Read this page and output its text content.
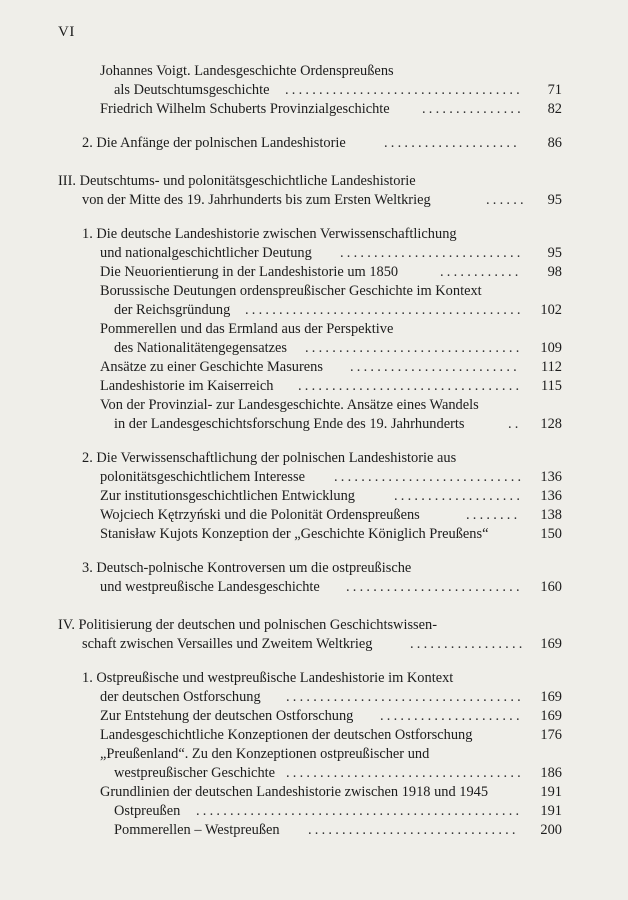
VI
Johannes Voigt. Landesgeschichte Ordenspreußens
als Deutschtumsgeschichte ...................................	71
Friedrich Wilhelm Schuberts Provinzialgeschichte ............... 82
2. Die Anfänge der polnischen Landeshistorie	....................	86
III. Deutschtums- und polonitätsgeschichtliche Landeshistorie
von der Mitte des 19. Jahrhunderts bis zum Ersten Weltkrieg	...... 95
1. Die deutsche Landeshistorie zwischen Verwissenschaftlichung
und nationalgeschichtlicher Deutung ...........................	95
Die Neuorientierung in der Landeshistorie um 1850	............	98
Borussische Deutungen ordenspreußischer Geschichte im Kontext
der Reichsgründung ......................................... 102
Pommerellen und das Ermland aus der Perspektive
des Nationalitätengegensatzes ................................	109
Ansätze zu einer Geschichte Masurens .........................	112
Landeshistorie im Kaiserreich .................................	115
Von der Provinzial- zur Landesgeschichte. Ansätze eines Wandels
in der Landesgeschichtsforschung Ende des 19. Jahrhunderts	..	128
2. Die Verwissenschaftlichung der polnischen Landeshistorie aus
polonitätsgeschichtlichem Interesse ............................ 136
Zur institutionsgeschichtlichen Entwicklung	...................	136
Wojciech Kętrzyński und die Polonität Ordenspreußens	........	138
Stanisław Kujots Konzeption der „Geschichte Königlich Preußens“	150
3. Deutsch-polnische Kontroversen um die ostpreußische
und westpreußische Landesgeschichte ..........................	160
IV. Politisierung der deutschen und polnischen Geschichtswissen-
schaft zwischen Versailles und Zweitem Weltkrieg	................. 169
1. Ostpreußische und westpreußische Landeshistorie im Kontext
der deutschen Ostforschung ................................... 169
Zur Entstehung der deutschen Ostforschung .....................	169
Landesgeschichtliche Konzeptionen der deutschen Ostforschung	176
„Preußenland“. Zu den Konzeptionen ostpreußischer und
westpreußischer Geschichte ................................... 186
Grundlinien der deutschen Landeshistorie zwischen 1918 und 1945	191
Ostpreußen ................................................	191
Pommerellen – Westpreußen ...............................	200
